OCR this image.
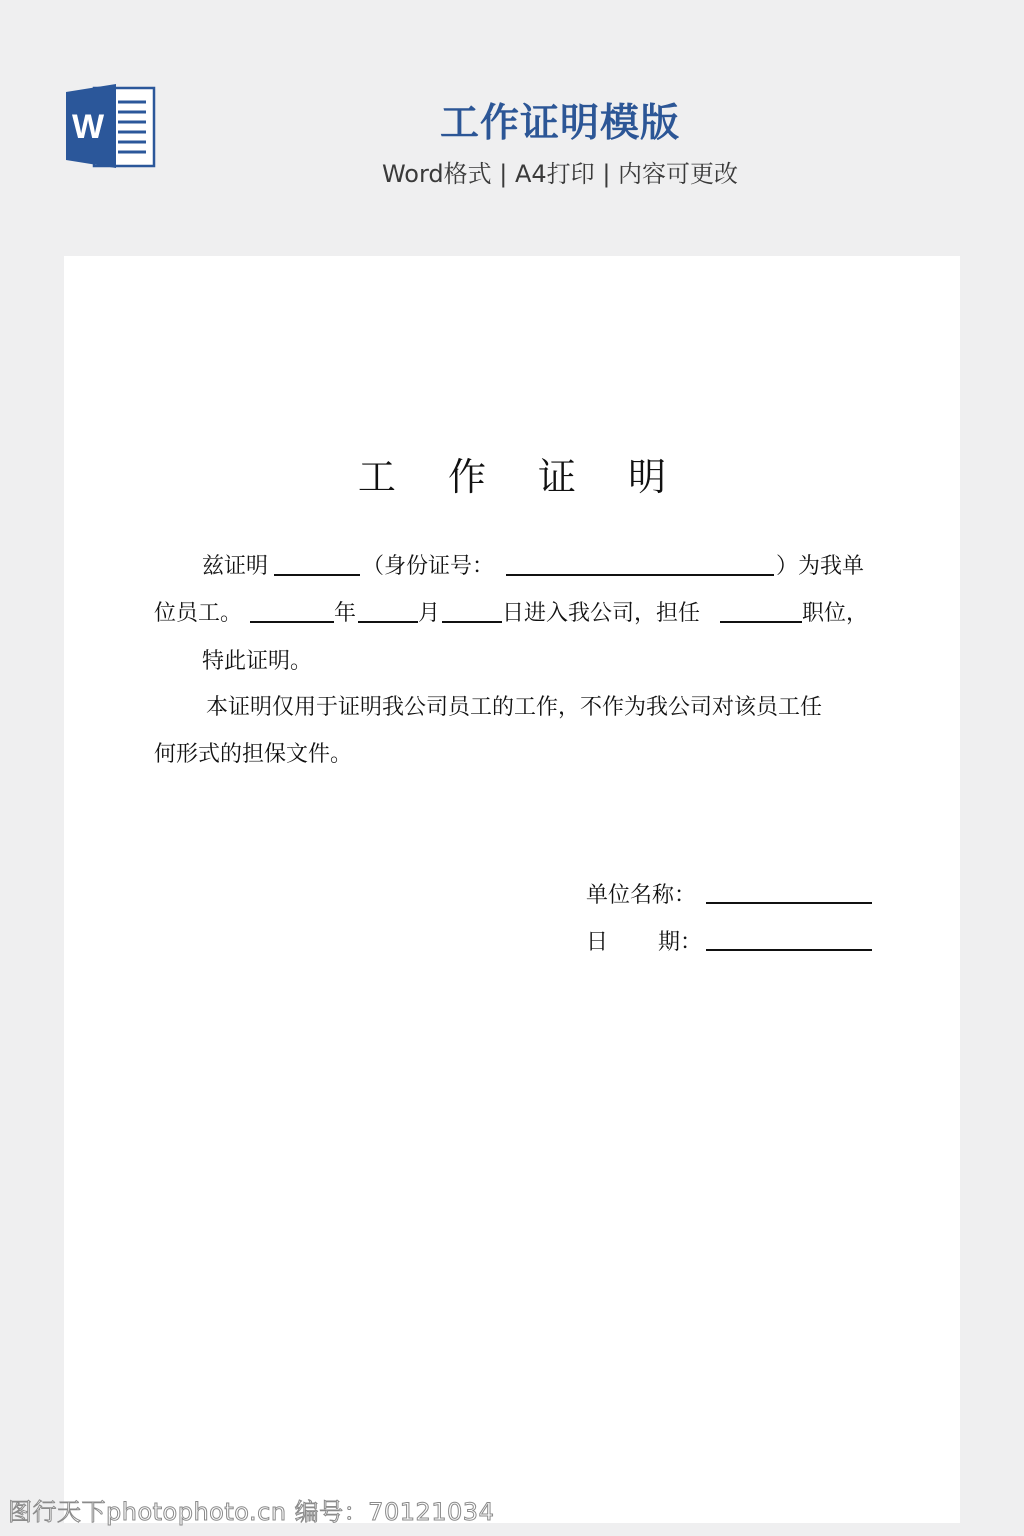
W	工作证明模版
Word格式 | A4打印 | 内容可更改
工 作 证 明
兹证明	（身份证号：	）为我单
位员工。	年	月	日进入我公司，担任	职位，
特此证明。
本证明仅用于证明我公司员工的工作，不作为我公司对该员工任
何形式的担保文件。
单位名称：
日 期：
图行天下photophoto.cn 编号：70121034
